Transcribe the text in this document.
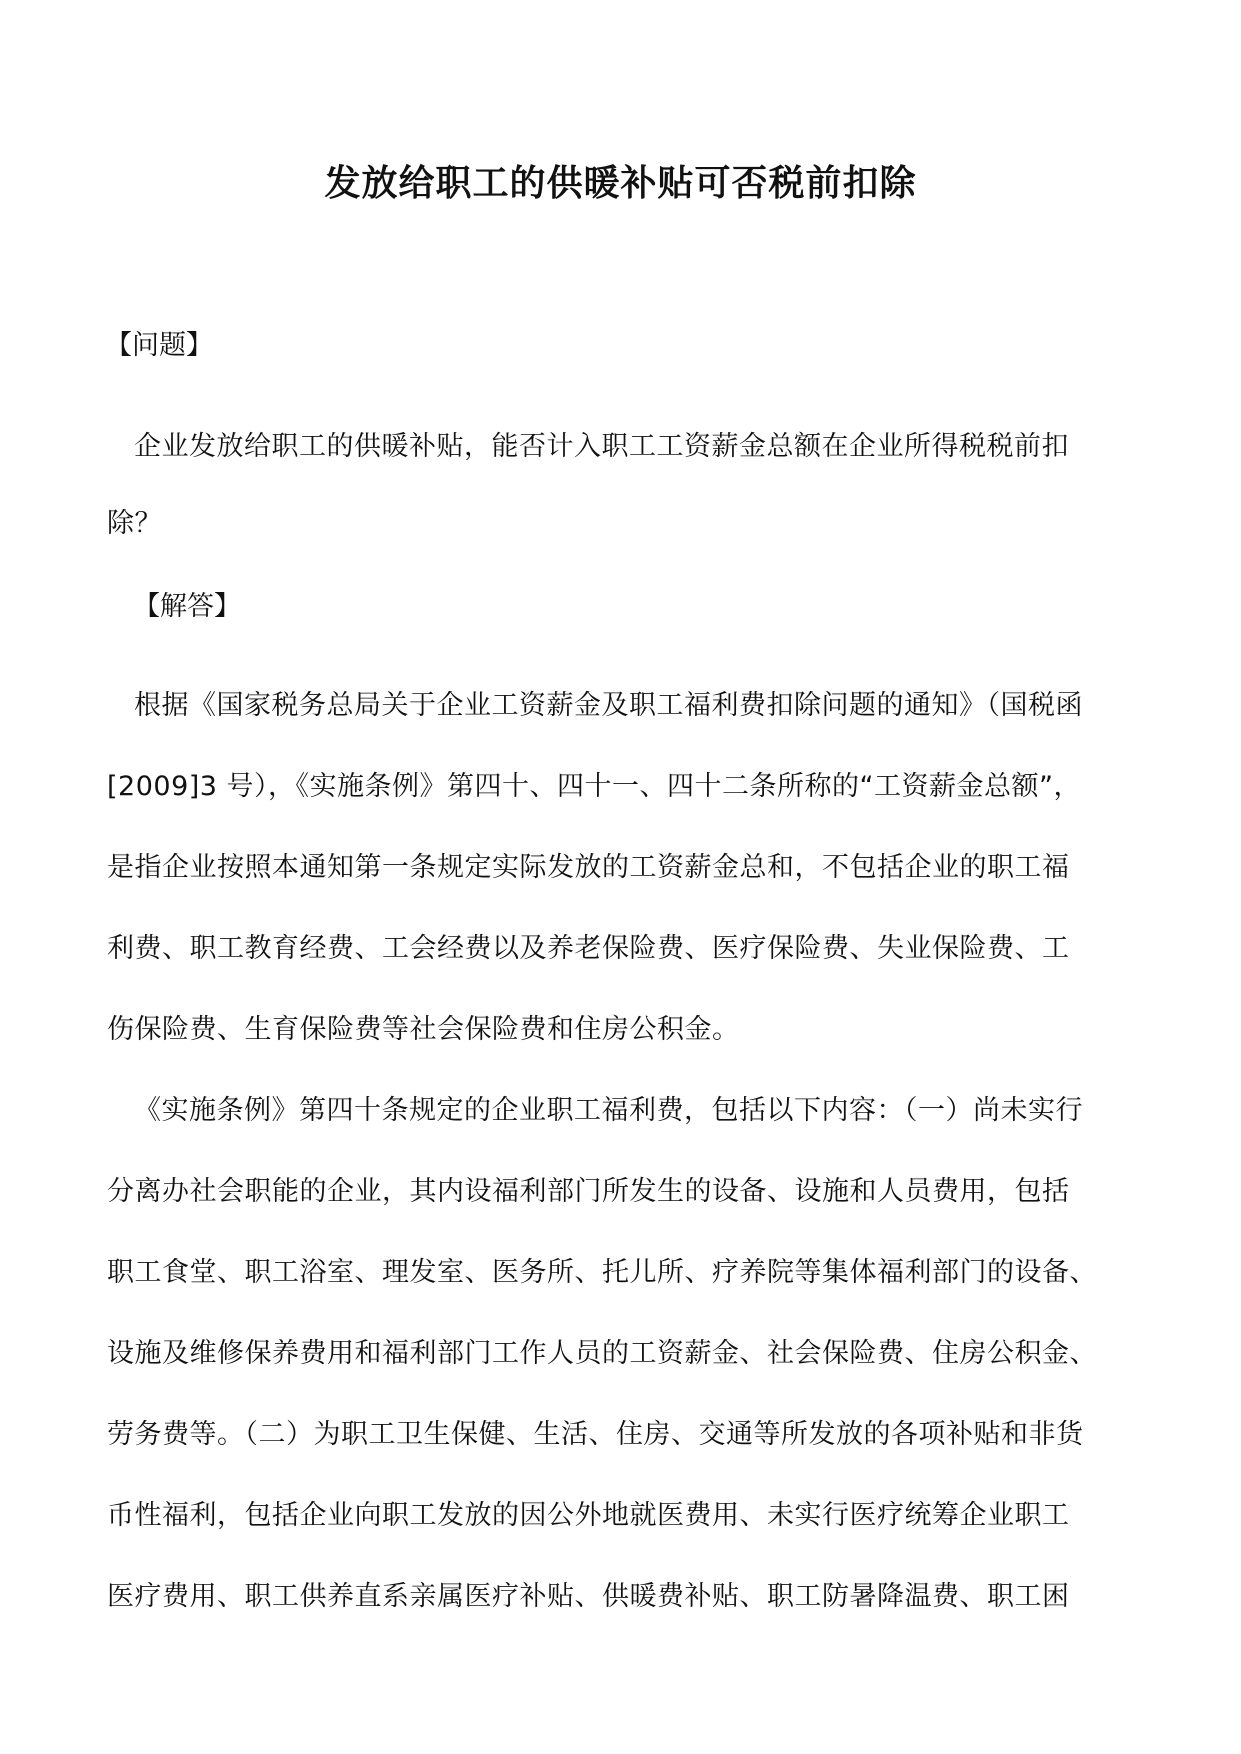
发放给职工的供暖补贴可否税前扣除
【问题】
企业发放给职工的供暖补贴，能否计入职工工资薪金总额在企业所得税税前扣
除？
【解答】
根据《国家税务总局关于企业工资薪金及职工福利费扣除问题的通知》（国税函
[2009]3 号），《实施条例》第四十、四十一、四十二条所称的“工资薪金总额”，
是指企业按照本通知第一条规定实际发放的工资薪金总和，不包括企业的职工福
利费、职工教育经费、工会经费以及养老保险费、医疗保险费、失业保险费、工
伤保险费、生育保险费等社会保险费和住房公积金。
《实施条例》第四十条规定的企业职工福利费，包括以下内容：（一）尚未实行
分离办社会职能的企业，其内设福利部门所发生的设备、设施和人员费用，包括
职工食堂、职工浴室、理发室、医务所、托儿所、疗养院等集体福利部门的设备、
设施及维修保养费用和福利部门工作人员的工资薪金、社会保险费、住房公积金、
劳务费等。（二）为职工卫生保健、生活、住房、交通等所发放的各项补贴和非货
币性福利，包括企业向职工发放的因公外地就医费用、未实行医疗统筹企业职工
医疗费用、职工供养直系亲属医疗补贴、供暖费补贴、职工防暑降温费、职工困
